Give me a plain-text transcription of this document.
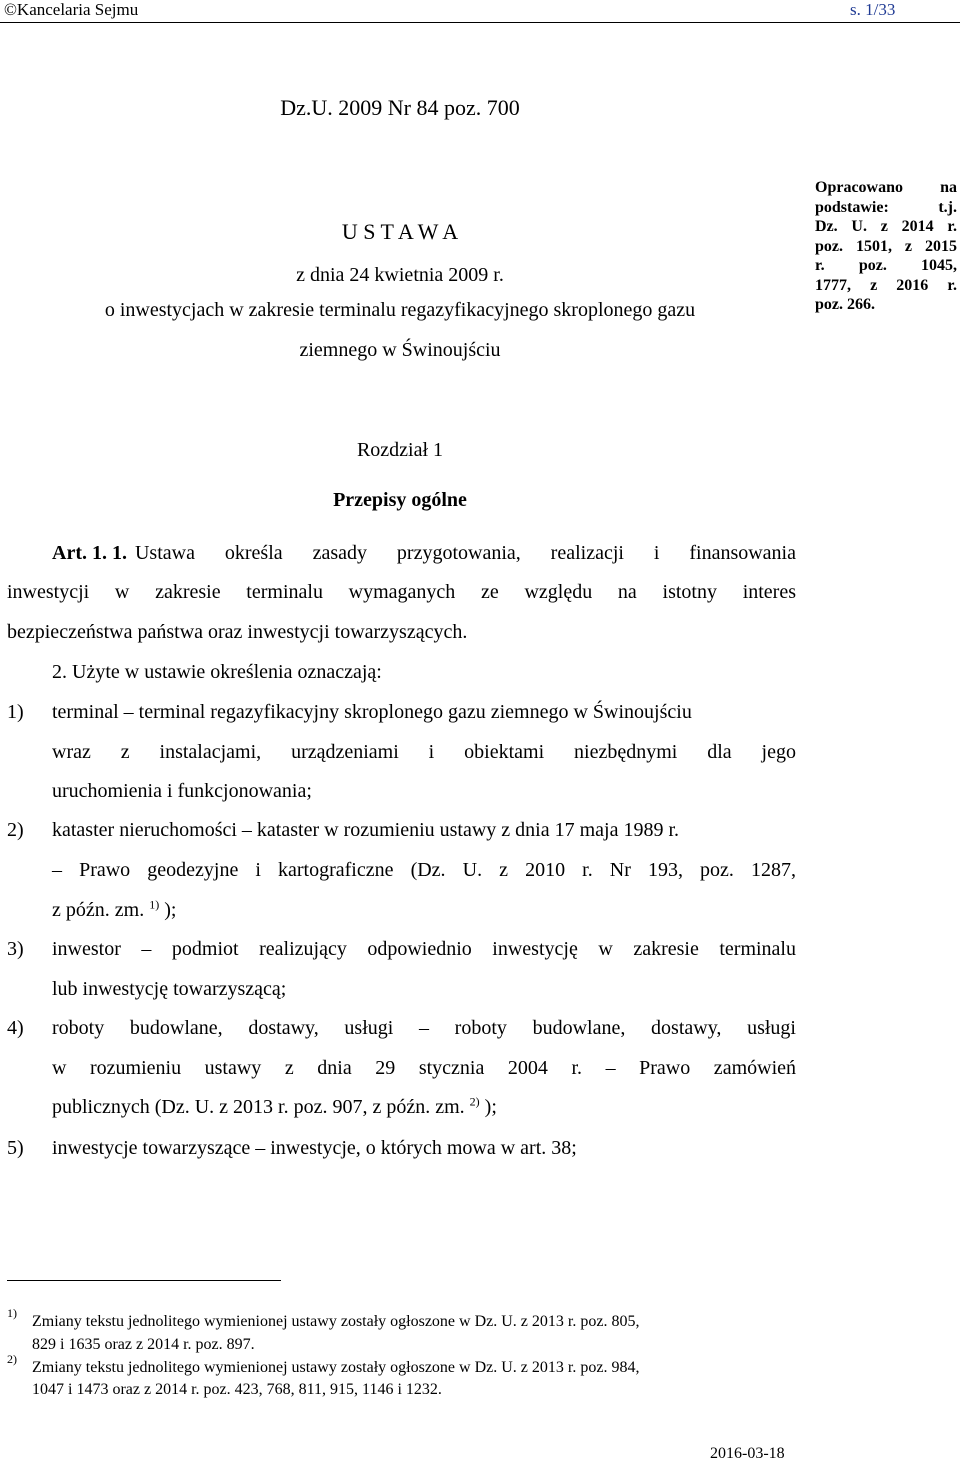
©Kancelaria Sejmu	s. 1/33
Dz.U. 2009 Nr 84 poz. 700
U S T A W A
z dnia 24 kwietnia 2009 r.
o inwestycjach w zakresie terminalu regazyfikacyjnego skroplonego gazu
ziemnego w Świnoujściu
Opracowano na
podstawie: t.j.
Dz. U. z 2014 r.
poz. 1501, z 2015
r. poz. 1045,
1777, z 2016 r.
poz. 266.
Rozdział 1
Przepisy ogólne
Art. 1. 1. Ustawa określa zasady przygotowania, realizacji i finansowania
inwestycji w zakresie terminalu wymaganych ze względu na istotny interes
bezpieczeństwa państwa oraz inwestycji towarzyszących.
2. Użyte w ustawie określenia oznaczają:
1) terminal – terminal regazyfikacyjny skroplonego gazu ziemnego w Świnoujściu
wraz z instalacjami, urządzeniami i obiektami niezbędnymi dla jego
uruchomienia i funkcjonowania;
2) kataster nieruchomości – kataster w rozumieniu ustawy z dnia 17 maja 1989 r.
– Prawo geodezyjne i kartograficzne (Dz. U. z 2010 r. Nr 193, poz. 1287,
z późn. zm. $^{1)}$ );
3) inwestor – podmiot realizujący odpowiednio inwestycję w zakresie terminalu
lub inwestycję towarzyszącą;
4) roboty budowlane, dostawy, usługi – roboty budowlane, dostawy, usługi
w rozumieniu ustawy z dnia 29 stycznia 2004 r. – Prawo zamówień
publicznych (Dz. U. z 2013 r. poz. 907, z późn. zm. $^{2)}$ );
5) inwestycje towarzyszące – inwestycje, o których mowa w art. 38;
1) Zmiany tekstu jednolitego wymienionej ustawy zostały ogłoszone w Dz. U. z 2013 r. poz. 805,
829 i 1635 oraz z 2014 r. poz. 897.
2) Zmiany tekstu jednolitego wymienionej ustawy zostały ogłoszone w Dz. U. z 2013 r. poz. 984,
1047 i 1473 oraz z 2014 r. poz. 423, 768, 811, 915, 1146 i 1232.
2016-03-18
